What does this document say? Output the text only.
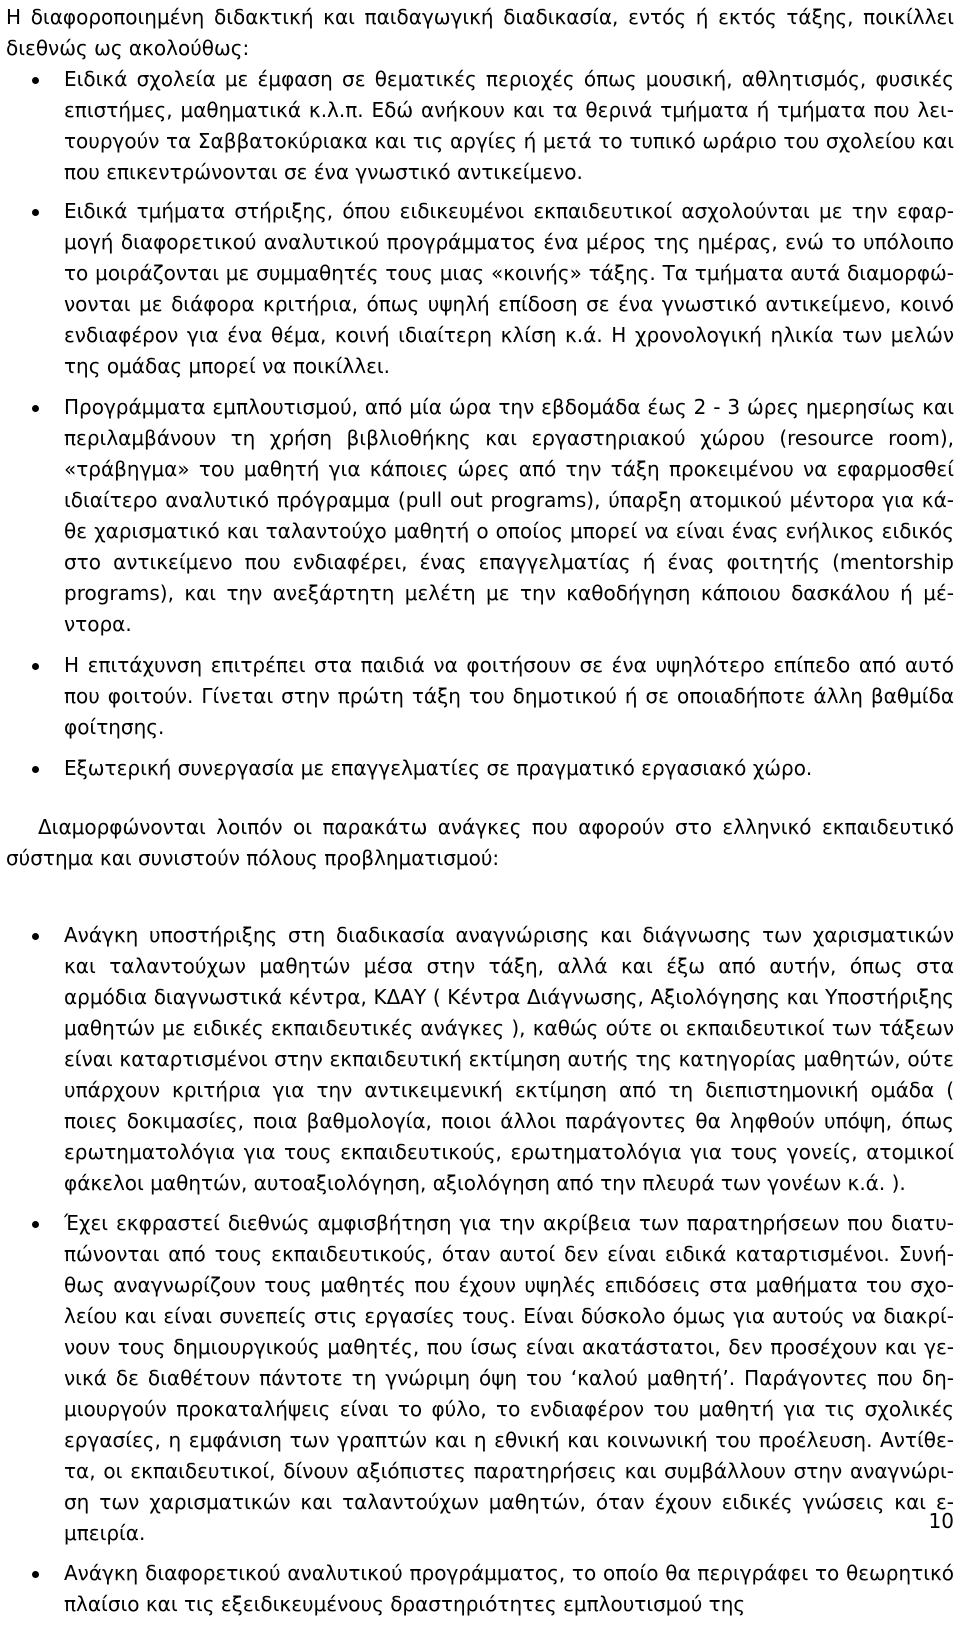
Η διαφοροποιημένη διδακτική και παιδαγωγική διαδικασία, εντός ή εκτός τάξης, ποικίλλει διεθνώς ως ακολούθως:

Ειδικά σχολεία με έμφαση σε θεματικές περιοχές όπως μουσική, αθλητισμός, φυσικές επιστήμες, μαθηματικά κ.λ.π. Εδώ ανήκουν και τα θερινά τμήματα ή τμήματα που λειτουργούν τα Σαββατοκύριακα και τις αργίες ή μετά το τυπικό ωράριο του σχολείου και που επικεντρώνονται σε ένα γνωστικό αντικείμενο.
Ειδικά τμήματα στήριξης, όπου ειδικευμένοι εκπαιδευτικοί ασχολούνται με την εφαρμογή διαφορετικού αναλυτικού προγράμματος ένα μέρος της ημέρας, ενώ το υπόλοιπο το μοιράζονται με συμμαθητές τους μιας «κοινής» τάξης. Τα τμήματα αυτά διαμορφώνονται με διάφορα κριτήρια, όπως υψηλή επίδοση σε ένα γνωστικό αντικείμενο, κοινό ενδιαφέρον για ένα θέμα, κοινή ιδιαίτερη κλίση κ.ά. Η χρονολογική ηλικία των μελών της ομάδας μπορεί να ποικίλλει.
Προγράμματα εμπλουτισμού, από μία ώρα την εβδομάδα έως 2 - 3 ώρες ημερησίως και περιλαμβάνουν τη χρήση βιβλιοθήκης και εργαστηριακού χώρου (resource room), «τράβηγμα» του μαθητή για κάποιες ώρες από την τάξη προκειμένου να εφαρμοσθεί ιδιαίτερο αναλυτικό πρόγραμμα (pull out programs), ύπαρξη ατομικού μέντορα για κάθε χαρισματικό και ταλαντούχο μαθητή ο οποίος μπορεί να είναι ένας ενήλικος ειδικός στο αντικείμενο που ενδιαφέρει, ένας επαγγελματίας ή ένας φοιτητής (mentorship programs), και την ανεξάρτητη μελέτη με την καθοδήγηση κάποιου δασκάλου ή μέντορα.
Η επιτάχυνση επιτρέπει στα παιδιά να φοιτήσουν σε ένα υψηλότερο επίπεδο από αυτό που φοιτούν. Γίνεται στην πρώτη τάξη του δημοτικού ή σε οποιαδήποτε άλλη βαθμίδα φοίτησης.
Εξωτερική συνεργασία με επαγγελματίες σε πραγματικό εργασιακό χώρο.

Διαμορφώνονται λοιπόν οι παρακάτω ανάγκες που αφορούν στο ελληνικό εκπαιδευτικό σύστημα και συνιστούν πόλους προβληματισμού:

Ανάγκη υποστήριξης στη διαδικασία αναγνώρισης και διάγνωσης των χαρισματικών και ταλαντούχων μαθητών μέσα στην τάξη, αλλά και έξω από αυτήν, όπως στα αρμόδια διαγνωστικά κέντρα, ΚΔΑΥ ( Κέντρα Διάγνωσης, Αξιολόγησης και Υποστήριξης μαθητών με ειδικές εκπαιδευτικές ανάγκες ), καθώς ούτε οι εκπαιδευτικοί των τάξεων είναι καταρτισμένοι στην εκπαιδευτική εκτίμηση αυτής της κατηγορίας μαθητών, ούτε υπάρχουν κριτήρια για την αντικειμενική εκτίμηση από τη διεπιστημονική ομάδα ( ποιες δοκιμασίες, ποια βαθμολογία, ποιοι άλλοι παράγοντες θα ληφθούν υπόψη, όπως ερωτηματολόγια για τους εκπαιδευτικούς, ερωτηματολόγια για τους γονείς, ατομικοί φάκελοι μαθητών, αυτοαξιολόγηση, αξιολόγηση από την πλευρά των γονέων κ.ά. ).
Έχει εκφραστεί διεθνώς αμφισβήτηση για την ακρίβεια των παρατηρήσεων που διατυπώνονται από τους εκπαιδευτικούς, όταν αυτοί δεν είναι ειδικά καταρτισμένοι. Συνήθως αναγνωρίζουν τους μαθητές που έχουν υψηλές επιδόσεις στα μαθήματα του σχολείου και είναι συνεπείς στις εργασίες τους. Είναι δύσκολο όμως για αυτούς να διακρίνουν τους δημιουργικούς μαθητές, που ίσως είναι ακατάστατοι, δεν προσέχουν και γενικά δε διαθέτουν πάντοτε τη γνώριμη όψη του ‘καλού μαθητή’. Παράγοντες που δημιουργούν προκαταλήψεις είναι το φύλο, το ενδιαφέρον του μαθητή για τις σχολικές εργασίες, η εμφάνιση των γραπτών και η εθνική και κοινωνική του προέλευση. Αντίθετα, οι εκπαιδευτικοί, δίνουν αξιόπιστες παρατηρήσεις και συμβάλλουν στην αναγνώριση των χαρισματικών και ταλαντούχων μαθητών, όταν έχουν ειδικές γνώσεις και εμπειρία.
Ανάγκη διαφορετικού αναλυτικού προγράμματος, το οποίο θα περιγράφει το θεωρητικό πλαίσιο και τις εξειδικευμένους δραστηριότητες εμπλουτισμού της
10
